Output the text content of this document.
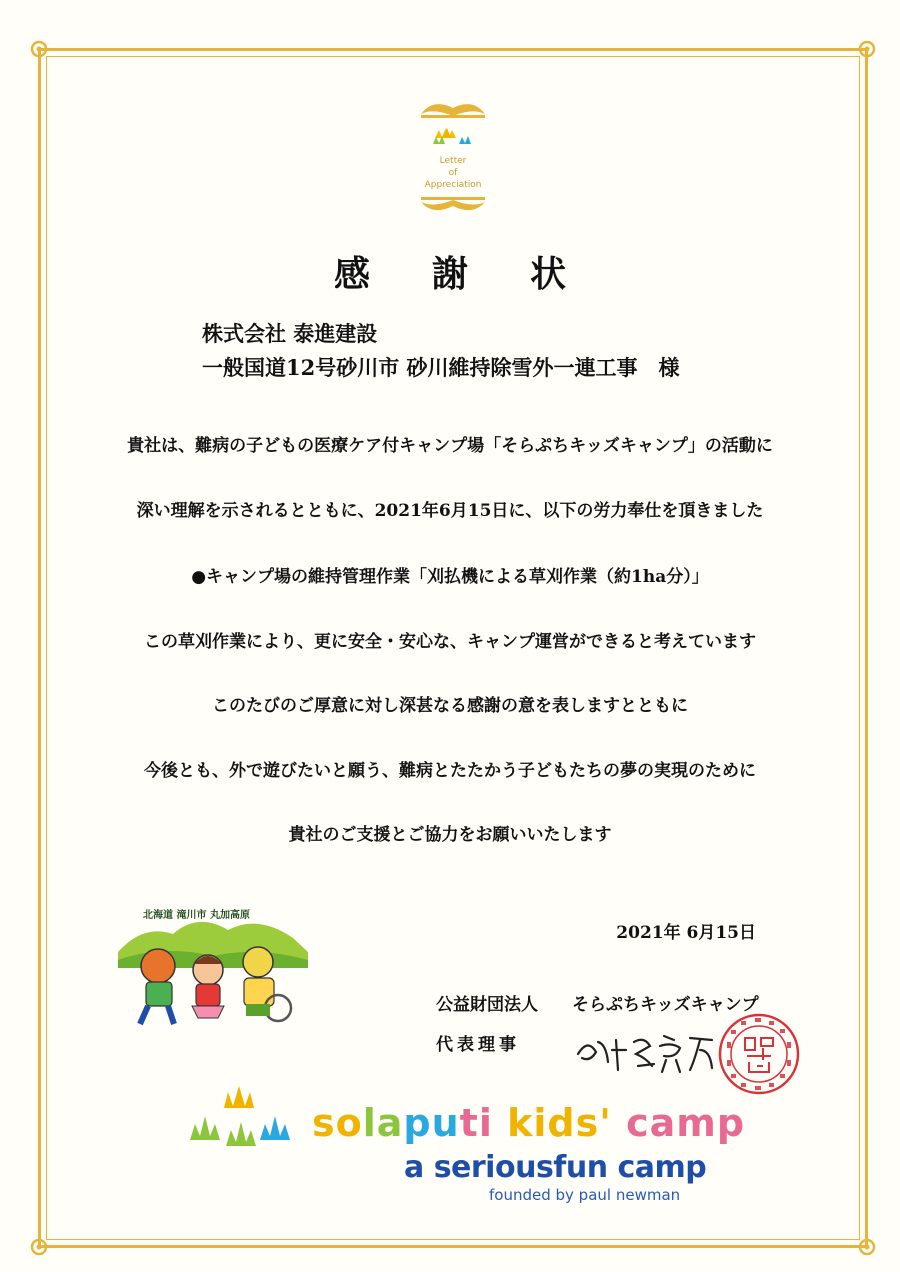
Letter
of
Appreciation
感謝状
株式会社 泰進建設
一般国道12号砂川市 砂川維持除雪外一連工事　様
貴社は、難病の子どもの医療ケア付キャンプ場「そらぷちキッズキャンプ」の活動に
深い理解を示されるとともに、2021年6月15日に、以下の労力奉仕を頂きました
●キャンプ場の維持管理作業「刈払機による草刈作業（約1ha分）」
この草刈作業により、更に安全・安心な、キャンプ運営ができると考えています
このたびのご厚意に対し深甚なる感謝の意を表しますとともに
今後とも、外で遊びたいと願う、難病とたたかう子どもたちの夢の実現のために
貴社のご支援とご協力をお願いいたします
2021年 6月15日
北海道 滝川市 丸加高原
公益財団法人 そらぷちキッズキャンプ
代表理事
solaputi kids' camp
a seriousfun camp
founded by paul newman
